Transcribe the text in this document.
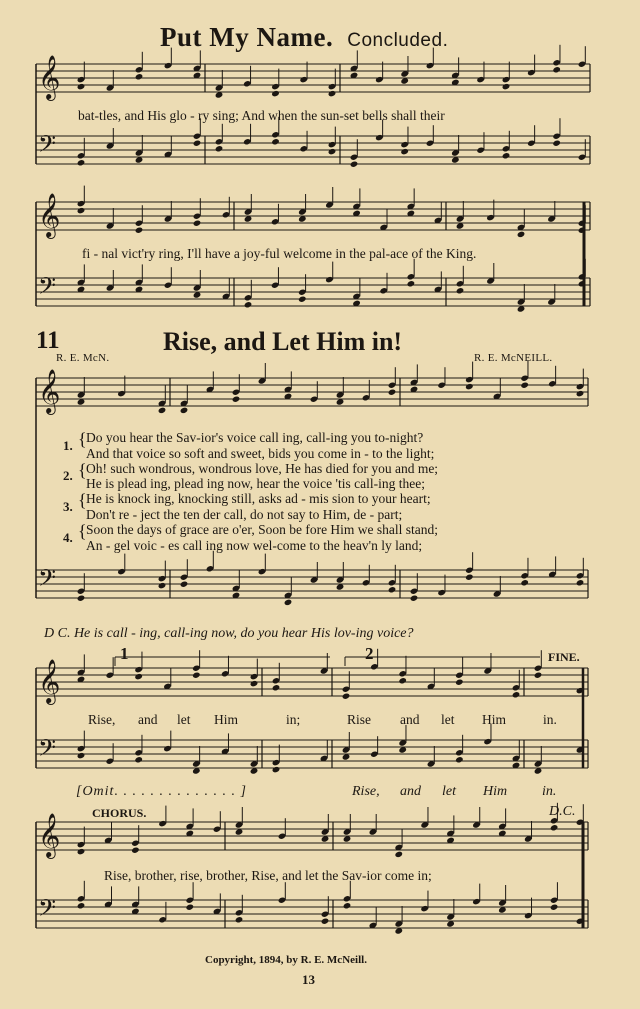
Put My Name. Concluded.
11	Rise, and Let Him in!
R. E. McN.	R. E. McNEILL.
bat-tles, and His glo - ry sing; And when the sun-set bells shall their
fi - nal vict'ry ring, I'll have a joy-ful welcome in the pal-ace of the King.
1.
Do you hear the Sav-ior's voice call ing, call-ing you to-night?
And that voice so soft and sweet, bids you come in - to the light;
2. Oh! such wondrous, wondrous love, He has died for you and me;
He is plead ing, plead ing now, hear the voice 'tis call-ing thee;
3.
He is knock ing, knocking still, asks ad - mis sion to your heart;
Don't re - ject the ten der call, do not say to Him, de - part;
4.
Soon the days of grace are o'er, Soon be fore Him we shall stand;
An - gel voic - es call ing now wel-come to the heav'n ly land;
{
{
{
{
D C. He is call - ing, call-ing now, do you hear His lov-ing voice?
1	2	FINE.
Rise, and let Him	in;	Rise and let Him	in.
[Omit. . . . . . . . . . . . . . ]	Rise, and let Him in.
CHORUS.	D.C.
Rise, brother, rise, brother, Rise, and let the Sav-ior come in;
Copyright, 1894, by R. E. McNeill.
13
𝄞
𝄢
𝄞
𝄢
𝄞
𝄢
𝄞
𝄢
𝄞
𝄢
